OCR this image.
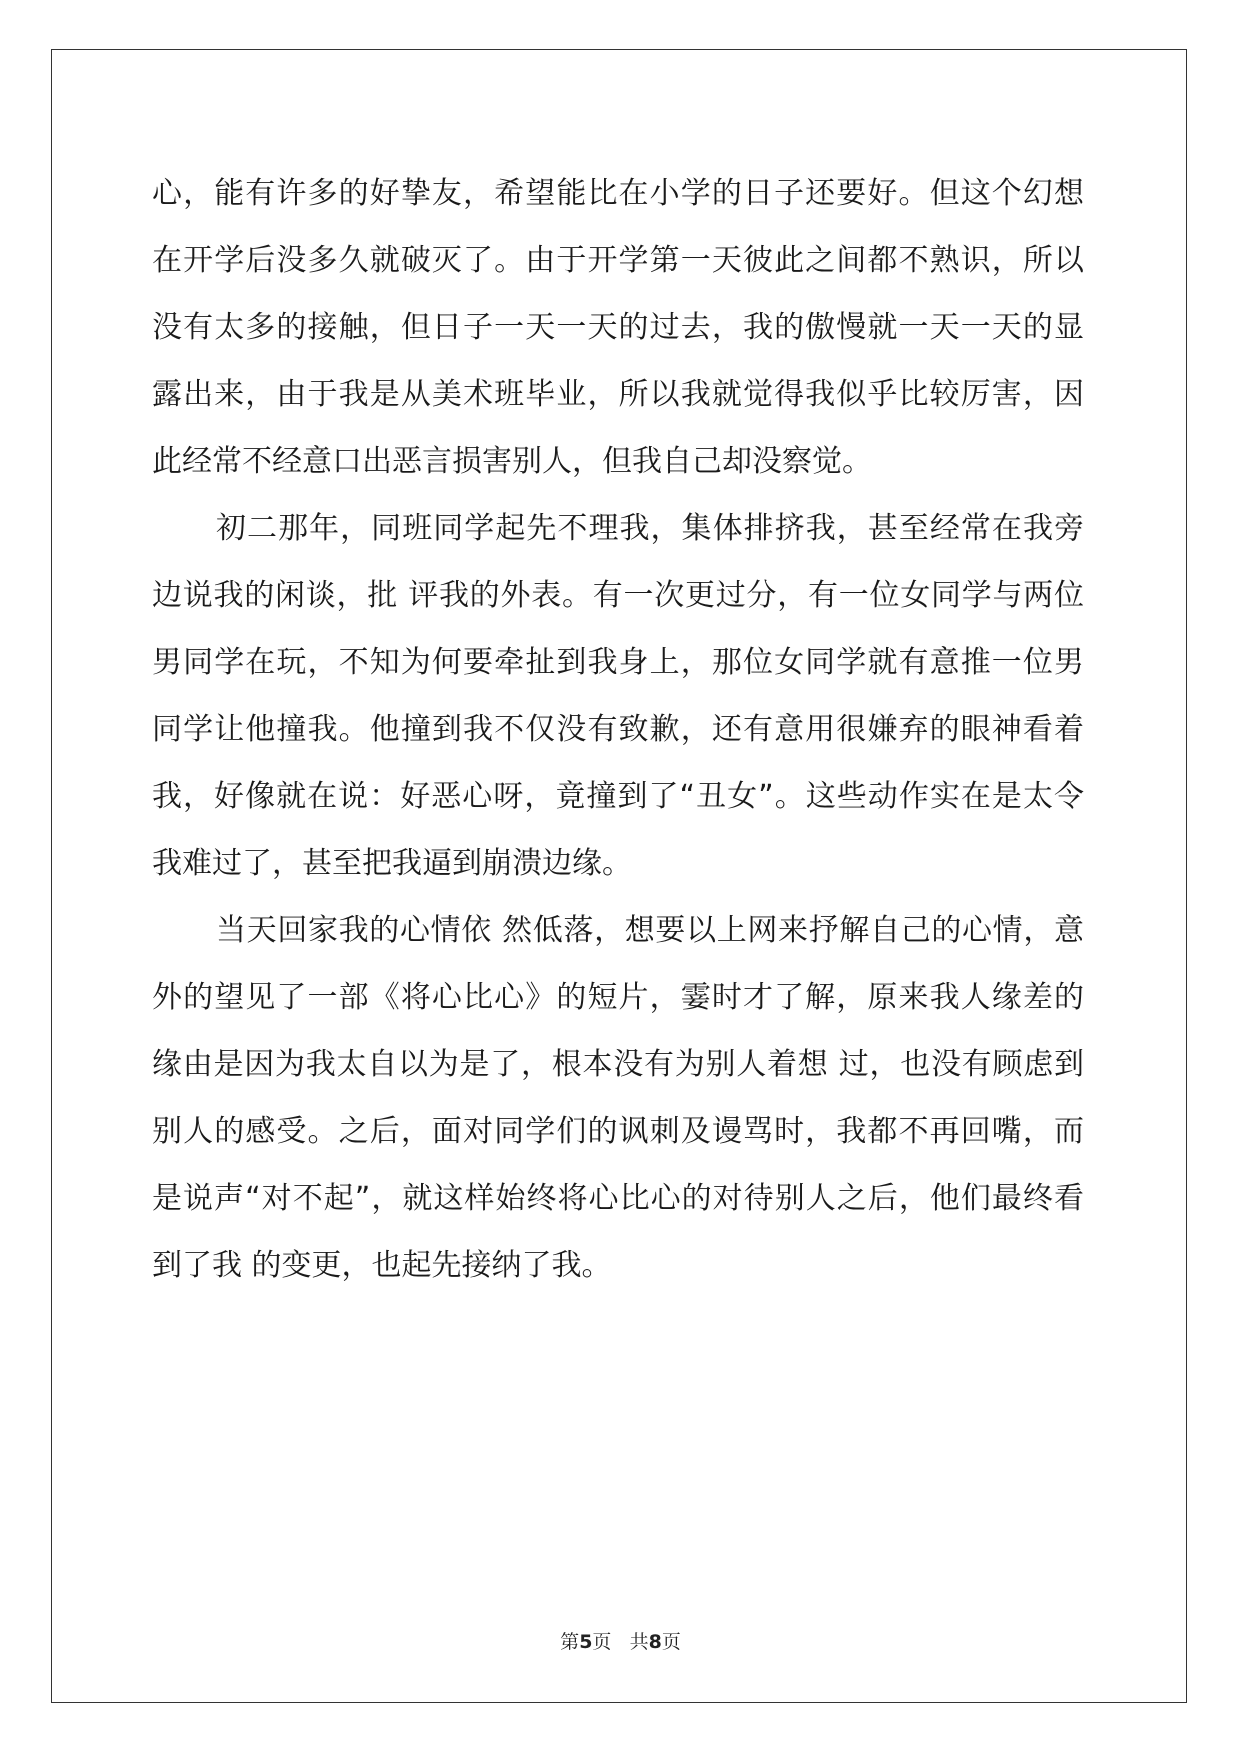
心，能有许多的好挚友，希望能比在小学的日子还要好。但这个幻想
在开学后没多久就破灭了。由于开学第一天彼此之间都不熟识，所以
没有太多的接触，但日子一天一天的过去，我的傲慢就一天一天的显
露出来，由于我是从美术班毕业，所以我就觉得我似乎比较厉害，因
此经常不经意口出恶言损害别人，但我自己却没察觉。
初二那年，同班同学起先不理我，集体排挤我，甚至经常在我旁
边说我的闲谈，批 评我的外表。有一次更过分，有一位女同学与两位
男同学在玩，不知为何要牵扯到我身上，那位女同学就有意推一位男
同学让他撞我。他撞到我不仅没有致歉，还有意用很嫌弃的眼神看着
我，好像就在说：好恶心呀，竟撞到了“丑女”。这些动作实在是太令
我难过了，甚至把我逼到崩溃边缘。
当天回家我的心情依 然低落，想要以上网来抒解自己的心情，意
外的望见了一部《将心比心》的短片，霎时才了解，原来我人缘差的
缘由是因为我太自以为是了，根本没有为别人着想 过，也没有顾虑到
别人的感受。之后，面对同学们的讽刺及谩骂时，我都不再回嘴，而
是说声“对不起”，就这样始终将心比心的对待别人之后，他们最终看
到了我 的变更，也起先接纳了我。
第5页 共8页
